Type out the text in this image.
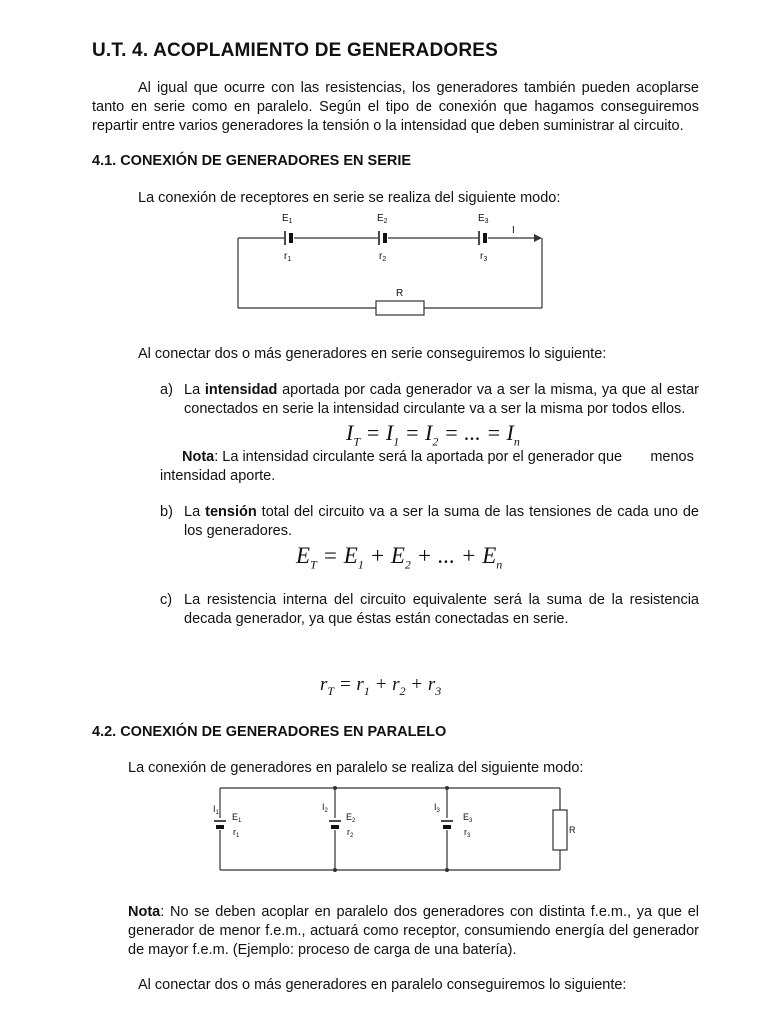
U.T. 4. ACOPLAMIENTO DE GENERADORES
Al igual que ocurre con las resistencias, los generadores también pueden acoplarse tanto en serie como en paralelo. Según el tipo de conexión que hagamos conseguiremos repartir entre varios generadores la tensión o la intensidad que deben suministrar al circuito.
4.1. CONEXIÓN DE GENERADORES EN SERIE
La conexión de receptores en serie se realiza del siguiente modo:
$E_1$	$E_2$	$E_3$
$r_1$	$r_2$	$r_3$
I
R
Al conectar dos o más generadores en serie conseguiremos lo siguiente:
a) La intensidad aportada por cada generador va a ser la misma, ya que al estar conectados en serie la intensidad circulante va a ser la misma por todos ellos.
$I_T = I_1 = I_2$ = ... = $I_n$
Nota: La intensidad circulante será la aportada por el generador que       menos intensidad aporte.
b) La tensión total del circuito va a ser la suma de las tensiones de cada uno de los generadores.
$E_T = E_1 + E_2$ + ... + $E_n$
c) La resistencia interna del circuito equivalente será la suma de la resistencia decada generador, ya que éstas están conectadas en serie.
$r_T = r_1 + r_2 + r_3$
4.2. CONEXIÓN DE GENERADORES EN PARALELO
La conexión de generadores en paralelo se realiza del siguiente modo:
$I_1$
$I_2$	$I_3$
$E_1$	$E_2$	$E_3$
$r_1$	$r_2$	$r_3$
R
Nota: No se deben acoplar en paralelo dos generadores con distinta f.e.m., ya que el generador de menor f.e.m., actuará como receptor, consumiendo energía del generador de mayor f.e.m. (Ejemplo: proceso de carga de una batería).
Al conectar dos o más generadores en paralelo conseguiremos lo siguiente:
